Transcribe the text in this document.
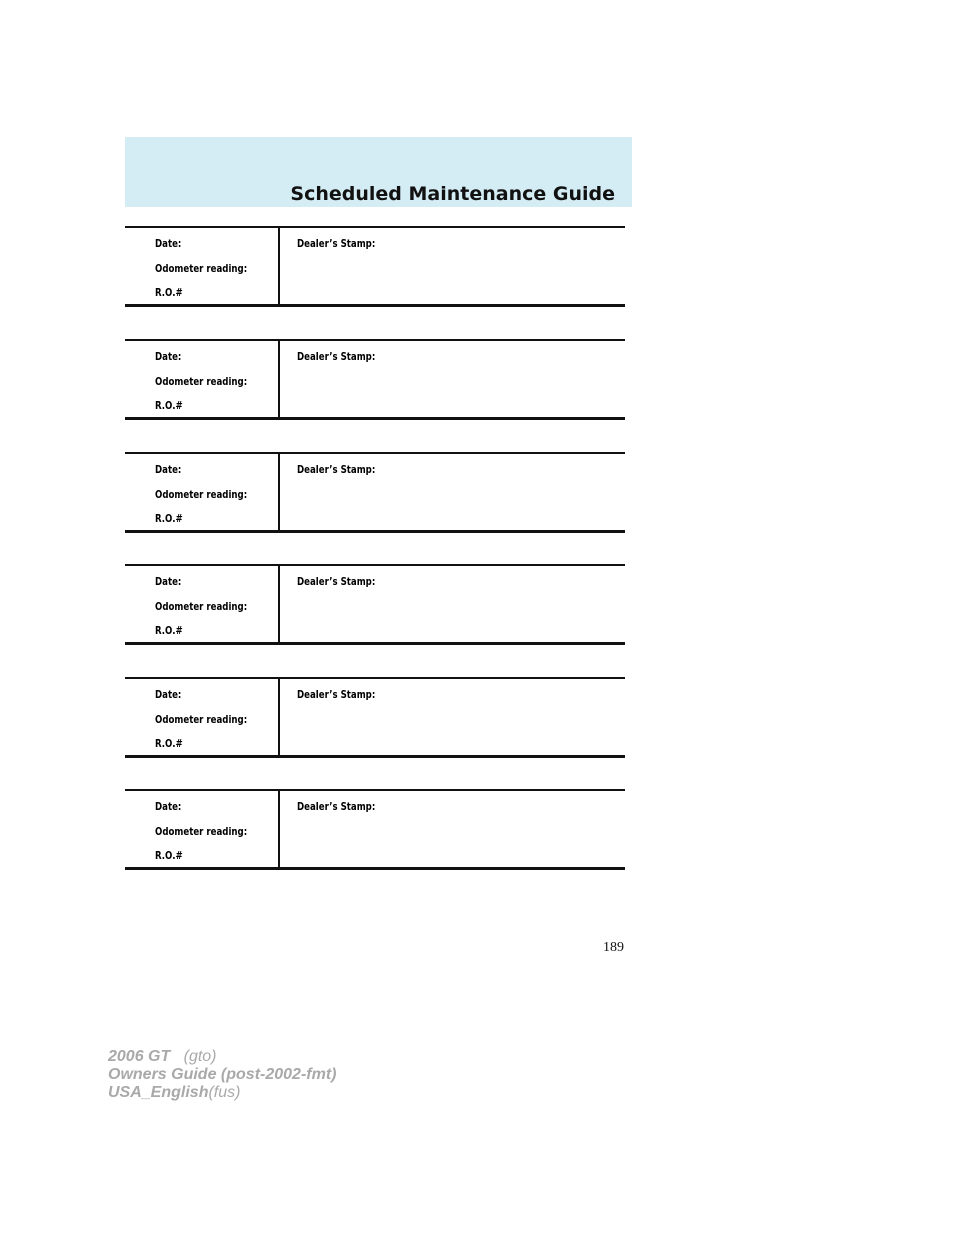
Scheduled Maintenance Guide
Date:
Odometer reading:
R.O.#
Dealer’s Stamp:
Date:
Odometer reading:
R.O.#
Dealer’s Stamp:
Date:
Odometer reading:
R.O.#
Dealer’s Stamp:
Date:
Odometer reading:
R.O.#
Dealer’s Stamp:
Date:
Odometer reading:
R.O.#
Dealer’s Stamp:
Date:
Odometer reading:
R.O.#
Dealer’s Stamp:
189
2006 GT (gto)
Owners Guide (post-2002-fmt)
USA_English(fus)
